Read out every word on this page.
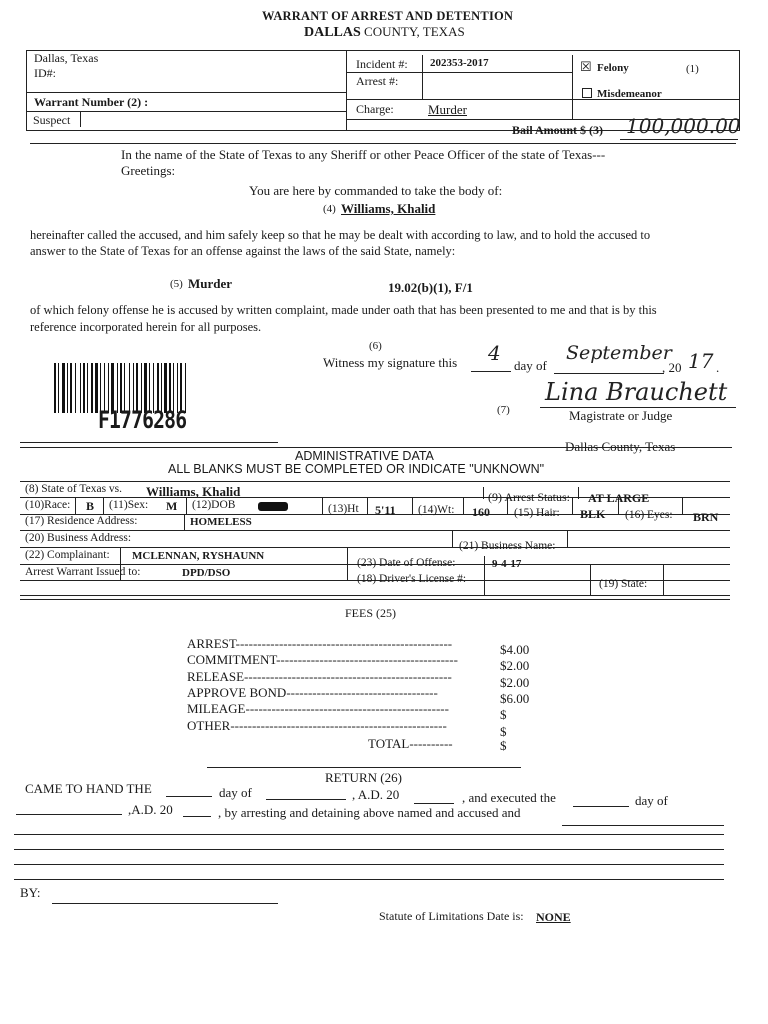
WARRANT OF ARREST AND DETENTION
DALLAS COUNTY, TEXAS
Dallas, Texas
ID#:
Warrant Number (2) :
Suspect
Incident #: 202353-2017
Arrest #:
Charge:	Murder
☒ Felony	(1)
Misdemeanor
Bail Amount $ (3) 100,000.00
In the name of the State of Texas to any Sheriff or other Peace Officer of the state of Texas---
Greetings:
You are here by commanded to take the body of:
(4) Williams, Khalid
hereinafter called the accused, and him safely keep so that he may be dealt with according to law, and to hold the accused to
answer to the State of Texas for an offense against the laws of the said State, namely:
(5) Murder	19.02(b)(1), F/1
of which felony offense he is accused by written complaint, made under oath that has been presented to me and that is by this
reference incorporated herein for all purposes.
(6)
Witness my signature this 4
day of
September
, 20 17 .
F1776286	(7)
Lina Brauchett
Magistrate or Judge
Dallas County, Texas
ADMINISTRATIVE DATA
ALL BLANKS MUST BE COMPLETED OR INDICATE "UNKNOWN"
(8) State of Texas vs. Williams, Khalid	(9) Arrest Status: AT LARGE
(10)Race: B (11)Sex: M (12)DOB	(13)Ht 5'11 (14)Wt: 160 (15) Hair: BLK (16) Eyes: BRN
(17) Residence Address:	HOMELESS
(20) Business Address:
(21) Business Name:
(22) Complainant: MCLENNAN, RYSHAUNN
(23) Date of Offense:	9-4-17
Arrest Warrant Issued to:	DPD/DSO	(18) Driver's License #:	(19) State:
FEES (25)
ARREST--------------------------------------------------	$4.00
COMMITMENT------------------------------------------	$2.00
RELEASE------------------------------------------------	$2.00
APPROVE BOND-----------------------------------	$6.00
MILEAGE-----------------------------------------------	$
OTHER--------------------------------------------------	$
TOTAL----------	$
RETURN (26)
CAME TO HAND THE	day of	, A.D. 20	, and executed the	day of
,A.D. 20	, by arresting and detaining above named and accused and
BY:
Statute of Limitations Date is: NONE
